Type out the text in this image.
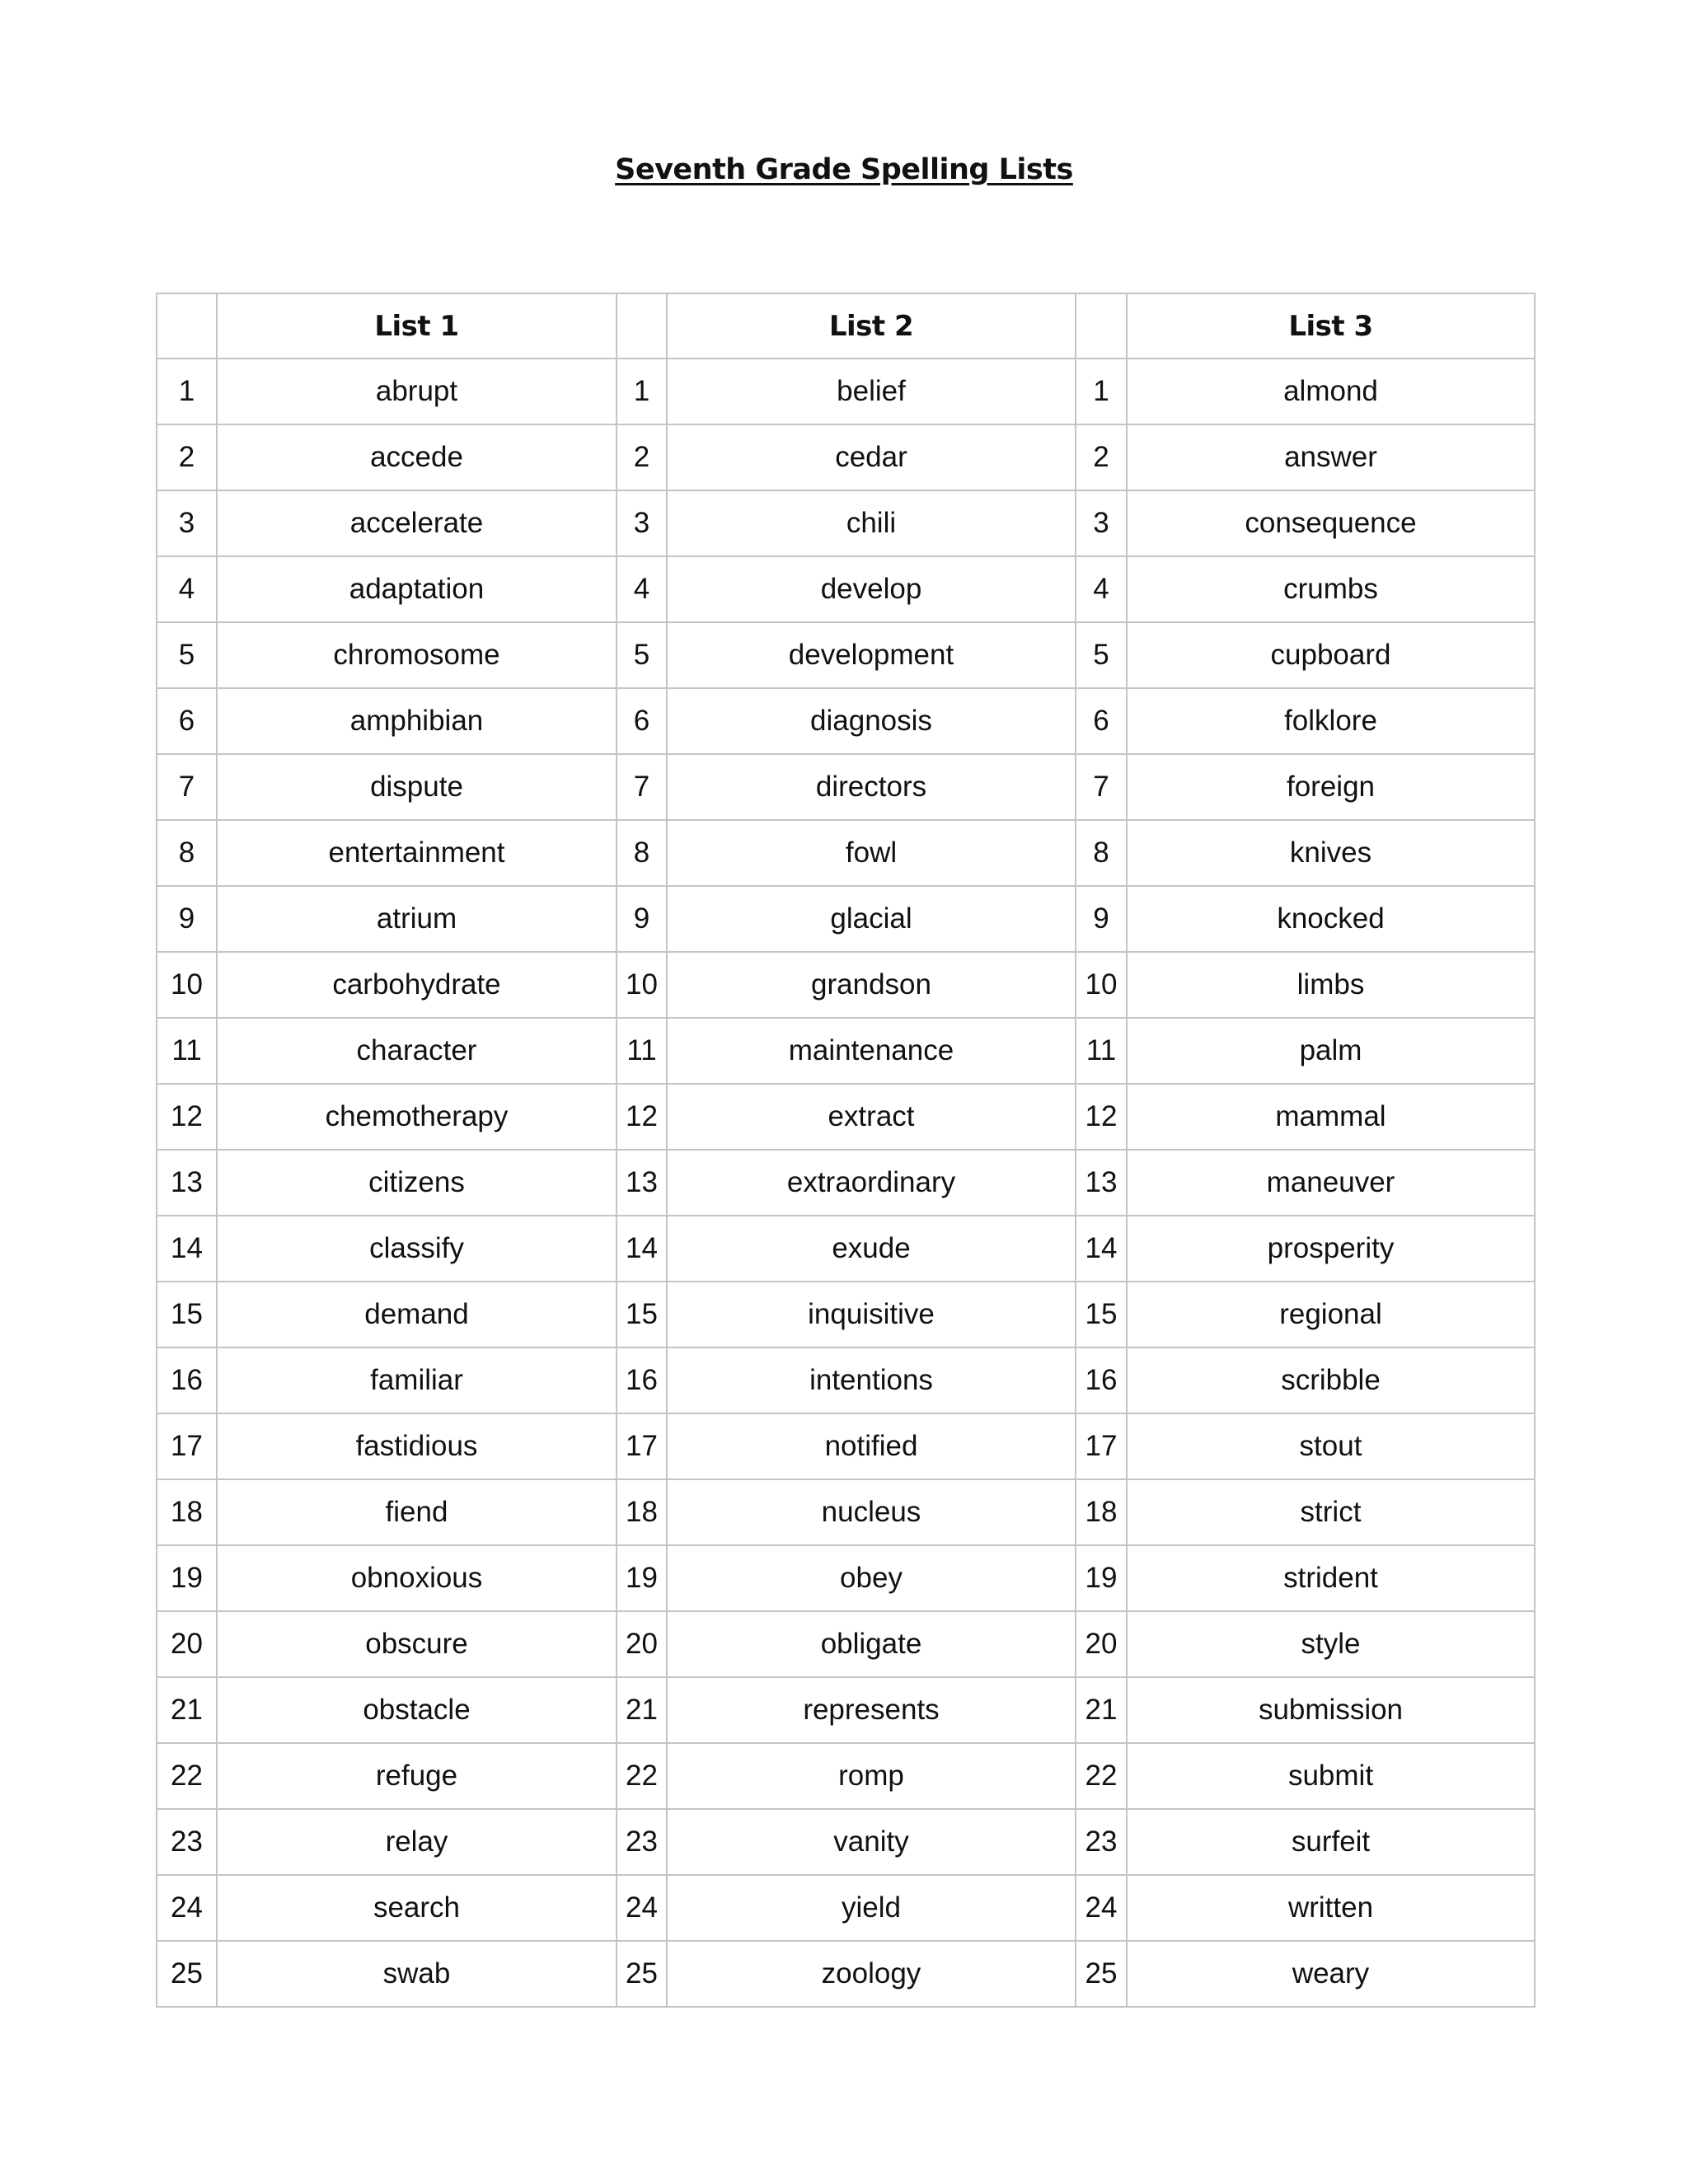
Seventh Grade Spelling Lists
	List 1		List 2		List 3
1	abrupt	1	belief	1	almond
2	accede	2	cedar	2	answer
3	accelerate	3	chili	3	consequence
4	adaptation	4	develop	4	crumbs
5	chromosome	5	development	5	cupboard
6	amphibian	6	diagnosis	6	folklore
7	dispute	7	directors	7	foreign
8	entertainment	8	fowl	8	knives
9	atrium	9	glacial	9	knocked
10	carbohydrate	10	grandson	10	limbs
11	character	11	maintenance	11	palm
12	chemotherapy	12	extract	12	mammal
13	citizens	13	extraordinary	13	maneuver
14	classify	14	exude	14	prosperity
15	demand	15	inquisitive	15	regional
16	familiar	16	intentions	16	scribble
17	fastidious	17	notified	17	stout
18	fiend	18	nucleus	18	strict
19	obnoxious	19	obey	19	strident
20	obscure	20	obligate	20	style
21	obstacle	21	represents	21	submission
22	refuge	22	romp	22	submit
23	relay	23	vanity	23	surfeit
24	search	24	yield	24	written
25	swab	25	zoology	25	weary
